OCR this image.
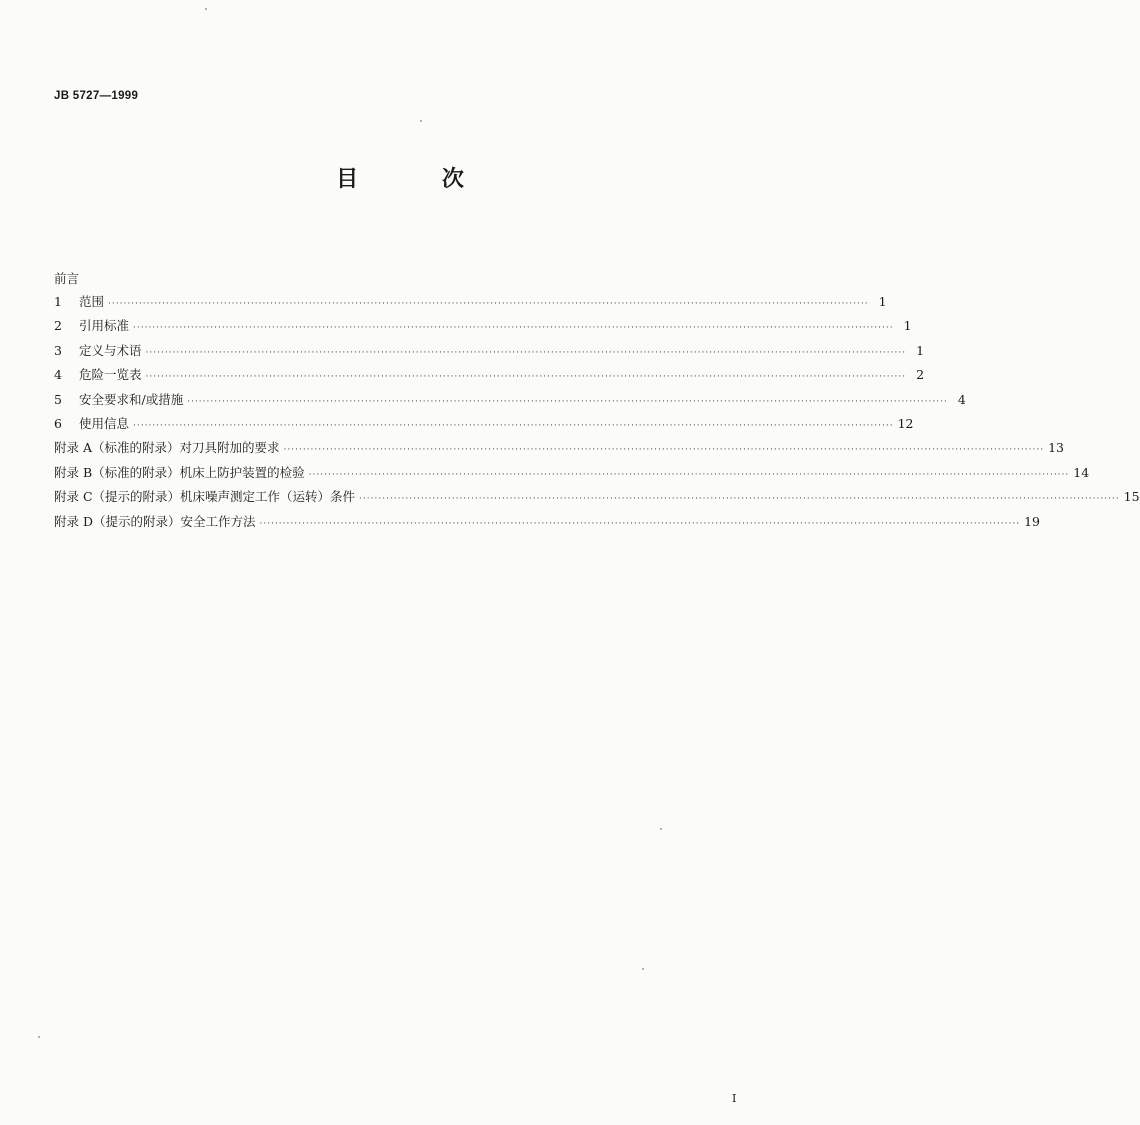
JB 5727—1999
目 次
前言
1	范围 ····································································································································································································· 1
2	引用标准 ····································································································································································································· 1
3	定义与术语 ····································································································································································································· 1
4	危险一览表 ····································································································································································································· 2
5	安全要求和/或措施 ····································································································································································································· 4
6	使用信息 ····································································································································································································· 12
附录 A（标准的附录）对刀具附加的要求 ····································································································································································································· 13
附录 B（标准的附录）机床上防护装置的检验 ····································································································································································································· 14
附录 C（提示的附录）机床噪声测定工作（运转）条件 ····································································································································································································· 15
附录 D（提示的附录）安全工作方法 ····································································································································································································· 19
I
